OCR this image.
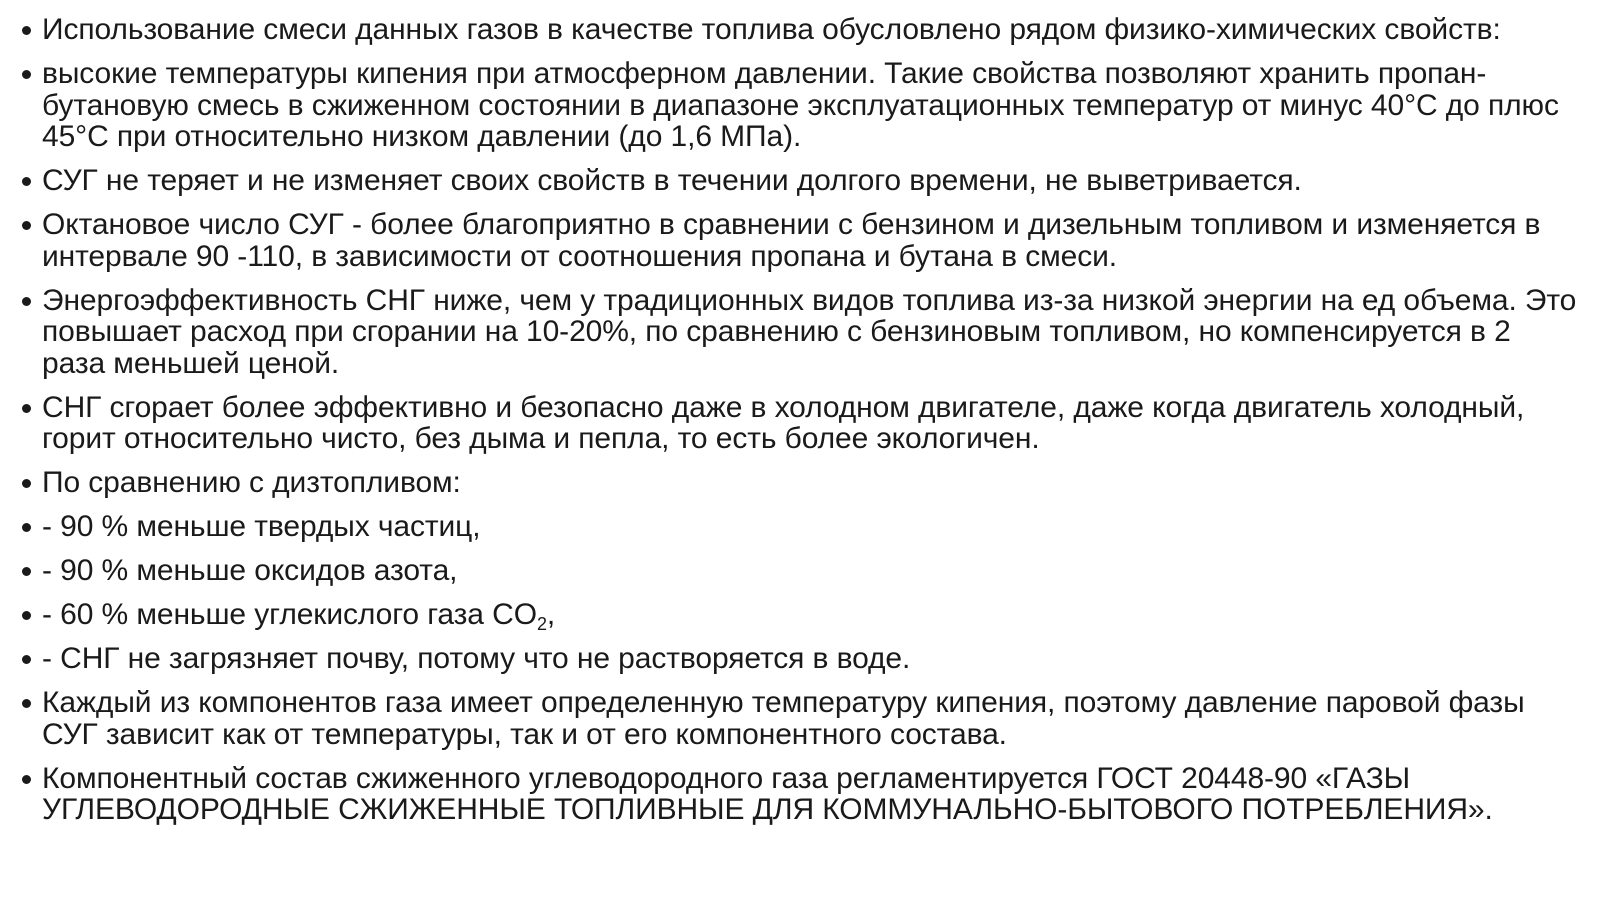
Использование смеси данных газов в качестве топлива обусловлено рядом физико-химических свойств:
высокие температуры кипения при атмосферном давлении. Такие свойства позволяют хранить пропан-бутановую смесь в сжиженном состоянии в диапазоне эксплуатационных температур от минус 40°С до плюс 45°С при относительно низком давлении (до 1,6 МПа).
СУГ не теряет и не изменяет своих свойств в течении долгого времени, не выветривается.
Октановое число СУГ - более благоприятно в сравнении с бензином и дизельным топливом и изменяется в интервале 90 -110, в зависимости от соотношения пропана и бутана в смеси.
Энергоэффективность СНГ ниже, чем у традиционных видов топлива из-за низкой энергии на ед объема. Это повышает расход при сгорании на 10-20%, по сравнению с бензиновым топливом, но компенсируется в 2 раза меньшей ценой.
СНГ сгорает более эффективно и безопасно даже в холодном двигателе, даже когда двигатель холодный, горит относительно чисто, без дыма и пепла, то есть более экологичен.
По сравнению с дизтопливом:
- 90 % меньше твердых частиц,
- 90 % меньше оксидов азота,
- 60 % меньше углекислого газа $CO_2$,
- СНГ не загрязняет почву, потому что не растворяется в воде.
Каждый из компонентов газа имеет определенную температуру кипения, поэтому давление паровой фазы СУГ зависит как от температуры, так и от его компонентного состава.
Компонентный состав сжиженного углеводородного газа регламентируется ГОСТ 20448-90 «ГАЗЫ УГЛЕВОДОРОДНЫЕ СЖИЖЕННЫЕ ТОПЛИВНЫЕ ДЛЯ КОММУНАЛЬНО-БЫТОВОГО ПОТРЕБЛЕНИЯ».
